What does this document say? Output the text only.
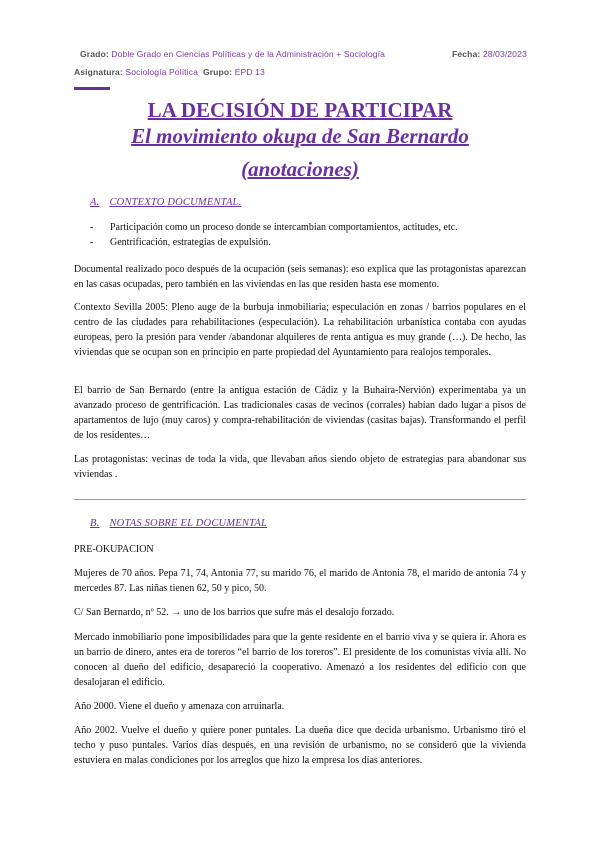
Grado: Doble Grado en Ciencias Políticas y de la Administración + Sociología	Fecha: 28/03/2023
Asignatura: Sociología Política Grupo: EPD 13
LA DECISIÓN DE PARTICIPAR
El movimiento okupa de San Bernardo
(anotaciones)
A. CONTEXTO DOCUMENTAL.
- Participación como un proceso donde se intercambian comportamientos, actitudes, etc.
- Gentrificación, estrategias de expulsión.
Documental realizado poco después de la ocupación (seis semanas): eso explica que las protagonistas aparezcan en las casas ocupadas, pero también en las viviendas en las que residen hasta ese momento.
Contexto Sevilla 2005: Pleno auge de la burbuja inmobiliaria; especulación en zonas / barrios populares en el centro de las ciudades para rehabilitaciones (especulación). La rehabilitación urbanística contaba con ayudas europeas, pero la presión para vender /abandonar alquileres de renta antigua es muy grande (…). De hecho, las viviendas que se ocupan son en principio en parte propiedad del Ayuntamiento para realojos temporales.
El barrio de San Bernardo (entre la antigua estación de Cádiz y la Buhaira-Nervión) experimentaba ya un avanzado proceso de gentrificación. Las tradicionales casas de vecinos (corrales) habían dado lugar a pisos de apartamentos de lujo (muy caros) y compra-rehabilitación de viviendas (casitas bajas). Transformando el perfil de los residentes…
Las protagonistas: vecinas de toda la vida, que llevaban años siendo objeto de estrategias para abandonar sus viviendas .
B. NOTAS SOBRE EL DOCUMENTAL
PRE-OKUPACION
Mujeres de 70 años. Pepa 71, 74, Antonia 77, su marido 76, el marido de Antonia 78, el marido de antonia 74 y mercedes 87. Las niñas tienen 62, 50 y pico, 50.
C/ San Bernardo, nº 52. → uno de los barrios que sufre más el desalojo forzado.
Mercado inmobiliario pone imposibilidades para que la gente residente en el barrio viva y se quiera ir. Ahora es un barrio de dinero, antes era de toreros “el barrio de los toreros”. El presidente de los comunistas vivía allí. No conocen al dueño del edificio, desapareció la cooperativo. Amenazó a los residentes del edificio con que desalojaran el edificio.
Año 2000. Viene el dueño y amenaza con arruinarla.
Año 2002. Vuelve el dueño y quiere poner puntales. La dueña dice que decida urbanismo. Urbanismo tiró el techo y puso puntales. Varios días después, en una revisión de urbanismo, no se consideró que la vivienda estuviera en malas condiciones por los arreglos que hizo la empresa los días anteriores.
